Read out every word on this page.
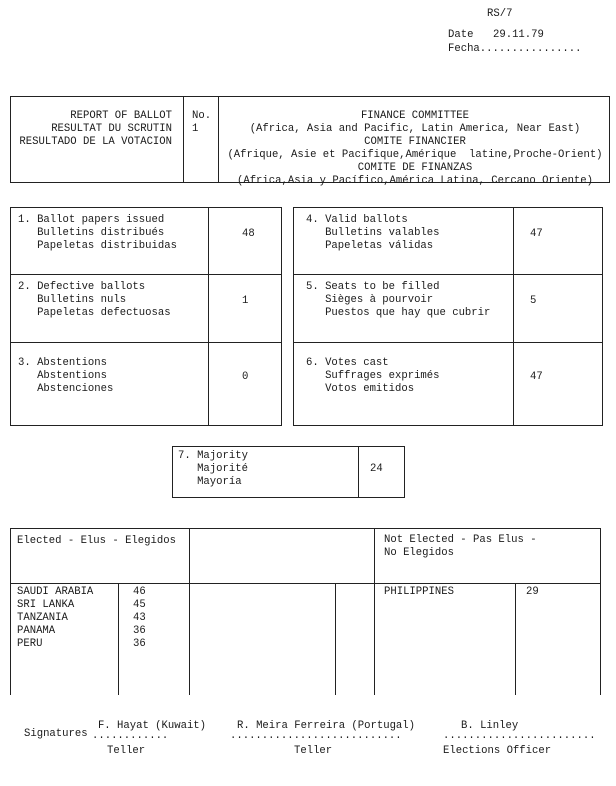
RS/7
Date 29.11.79
Fecha................
REPORT OF BALLOT
RESULTAT DU SCRUTIN
RESULTADO DE LA VOTACION
No.
1
FINANCE COMMITTEE
(Africa, Asia and Pacific, Latin America, Near East)
COMITE FINANCIER
(Afrique, Asie et Pacifique,Amérique  latine,Proche-Orient)
COMITE DE FINANZAS
(Africa,Asia y Pacífico,América Latina, Cercano Oriente)
1. Ballot papers issued
Bulletins distribués
Papeletas distribuidas
48
2. Defective ballots
Bulletins nuls
Papeletas defectuosas
1
3. Abstentions
Abstentions
Abstenciones
0
4. Valid ballots
Bulletins valables
Papeletas válidas
47
5. Seats to be filled
Sièges à pourvoir
Puestos que hay que cubrir
5
6. Votes cast
Suffrages exprimés
Votos emitidos
47
7. Majority
Majorité
Mayoría
24
Elected - Elus - Elegidos	Not Elected - Pas Elus -
No Elegidos
SAUDI ARABIA
SRI LANKA
TANZANIA
PANAMA
PERU
46
45
43
36
36
PHILIPPINES	29
Signatures
F. Hayat (Kuwait)
............
Teller
R. Meira Ferreira (Portugal)
...........................
Teller
B. Linley
........................
Elections Officer
